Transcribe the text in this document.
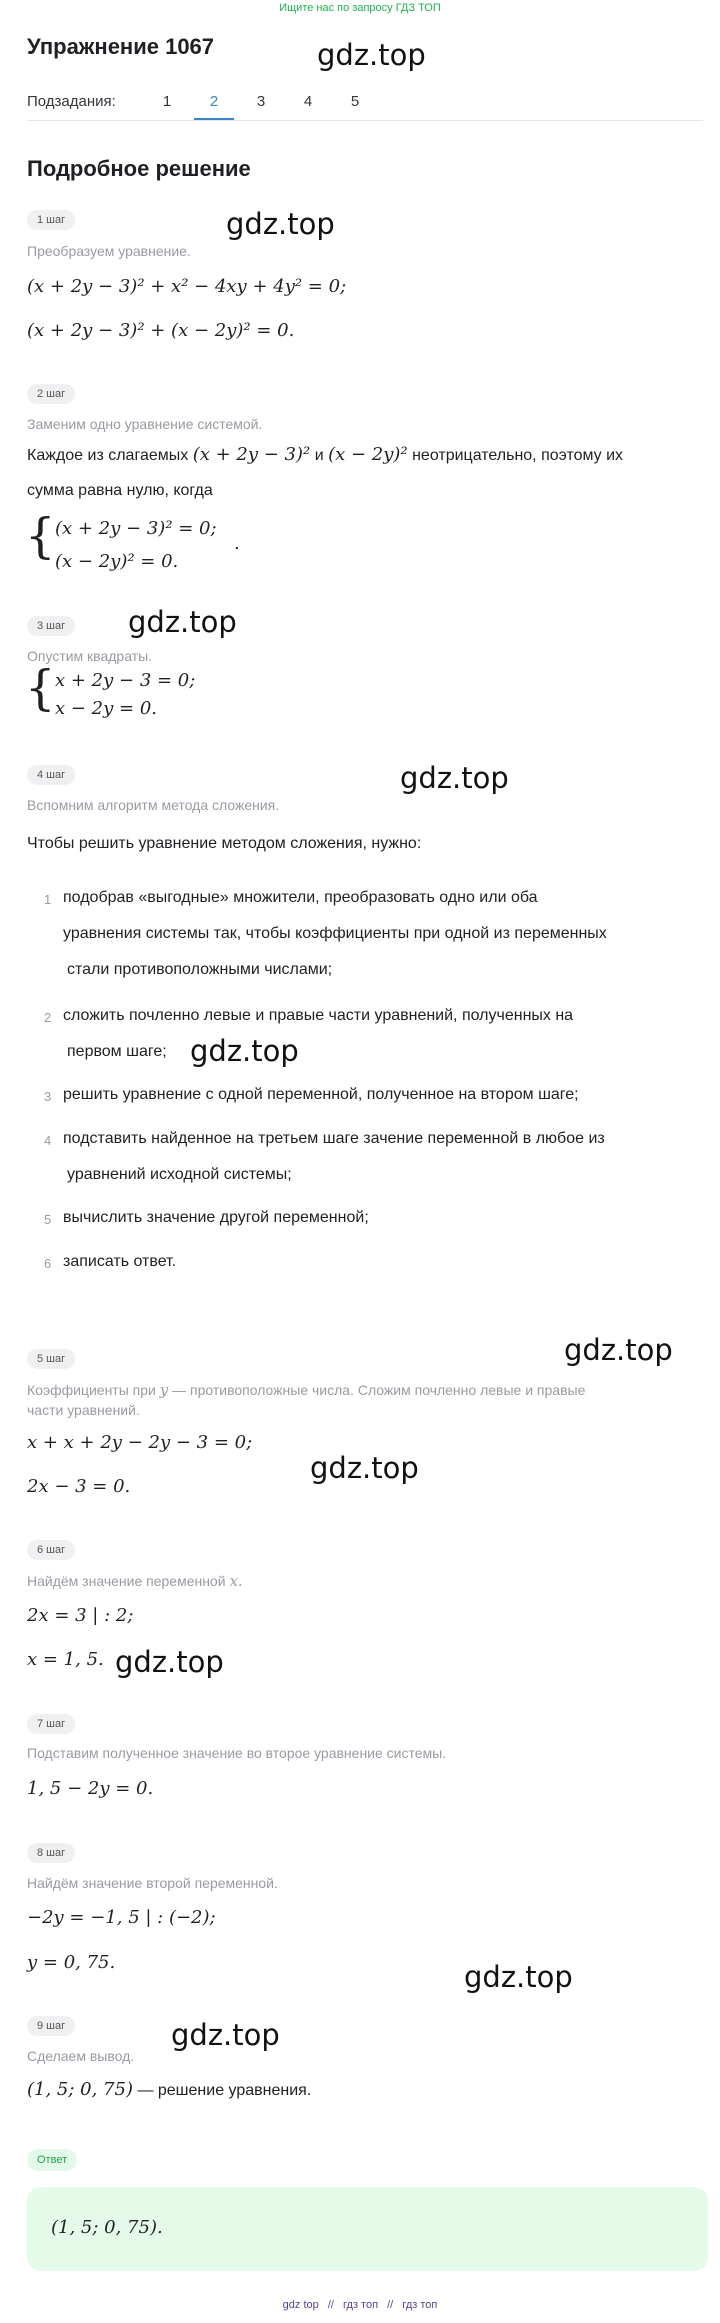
Ищите нас по запросу ГДЗ ТОП
Упражнение 1067	gdz.top
gdz.top
gdz.top
gdz.top
gdz.top
gdz.top
gdz.top
gdz.top
gdz.top
gdz.top
Подзадания:	1	2	3	4	5
Подробное решение
1 шаг
Преобразуем уравнение.
(x + 2y − 3)² + x² − 4xy + 4y² = 0;
(x + 2y − 3)² + (x − 2y)² = 0.
2 шаг
Заменим одно уравнение системой.
Каждое из слагаемых (x + 2y − 3)² и (x − 2y)² неотрицательно, поэтому их
сумма равна нулю, когда
{ (x + 2y − 3)² = 0;
(x − 2y)² = 0.
.
3 шаг
Опустим квадраты.
{ x + 2y − 3 = 0;
x − 2y = 0.
4 шаг
Вспомним алгоритм метода сложения.
Чтобы решить уравнение методом сложения, нужно:
1 подобрав «выгодные» множители, преобразовать одно или оба
уравнения системы так, чтобы коэффициенты при одной из переменных
стали противоположными числами;
2 сложить почленно левые и правые части уравнений, полученных на
первом шаге;
3 решить уравнение с одной переменной, полученное на втором шаге;
4 подставить найденное на третьем шаге зачение переменной в любое из
уравнений исходной системы;
5 вычислить значение другой переменной;
6 записать ответ.
5 шаг
Коэффициенты при y — противоположные числа. Сложим почленно левые и правые
части уравнений.
x + x + 2y − 2y − 3 = 0;
2x − 3 = 0.
6 шаг
Найдём значение переменной x.
2x = 3 | : 2;
x = 1, 5.
7 шаг
Подставим полученное значение во второе уравнение системы.
1, 5 − 2y = 0.
8 шаг
Найдём значение второй переменной.
−2y = −1, 5 | : (−2);
y = 0, 75.
9 шаг
Сделаем вывод.
(1, 5; 0, 75) — решение уравнения.
Ответ
(1, 5; 0, 75).
gdz top // гдз топ // гдз топ
